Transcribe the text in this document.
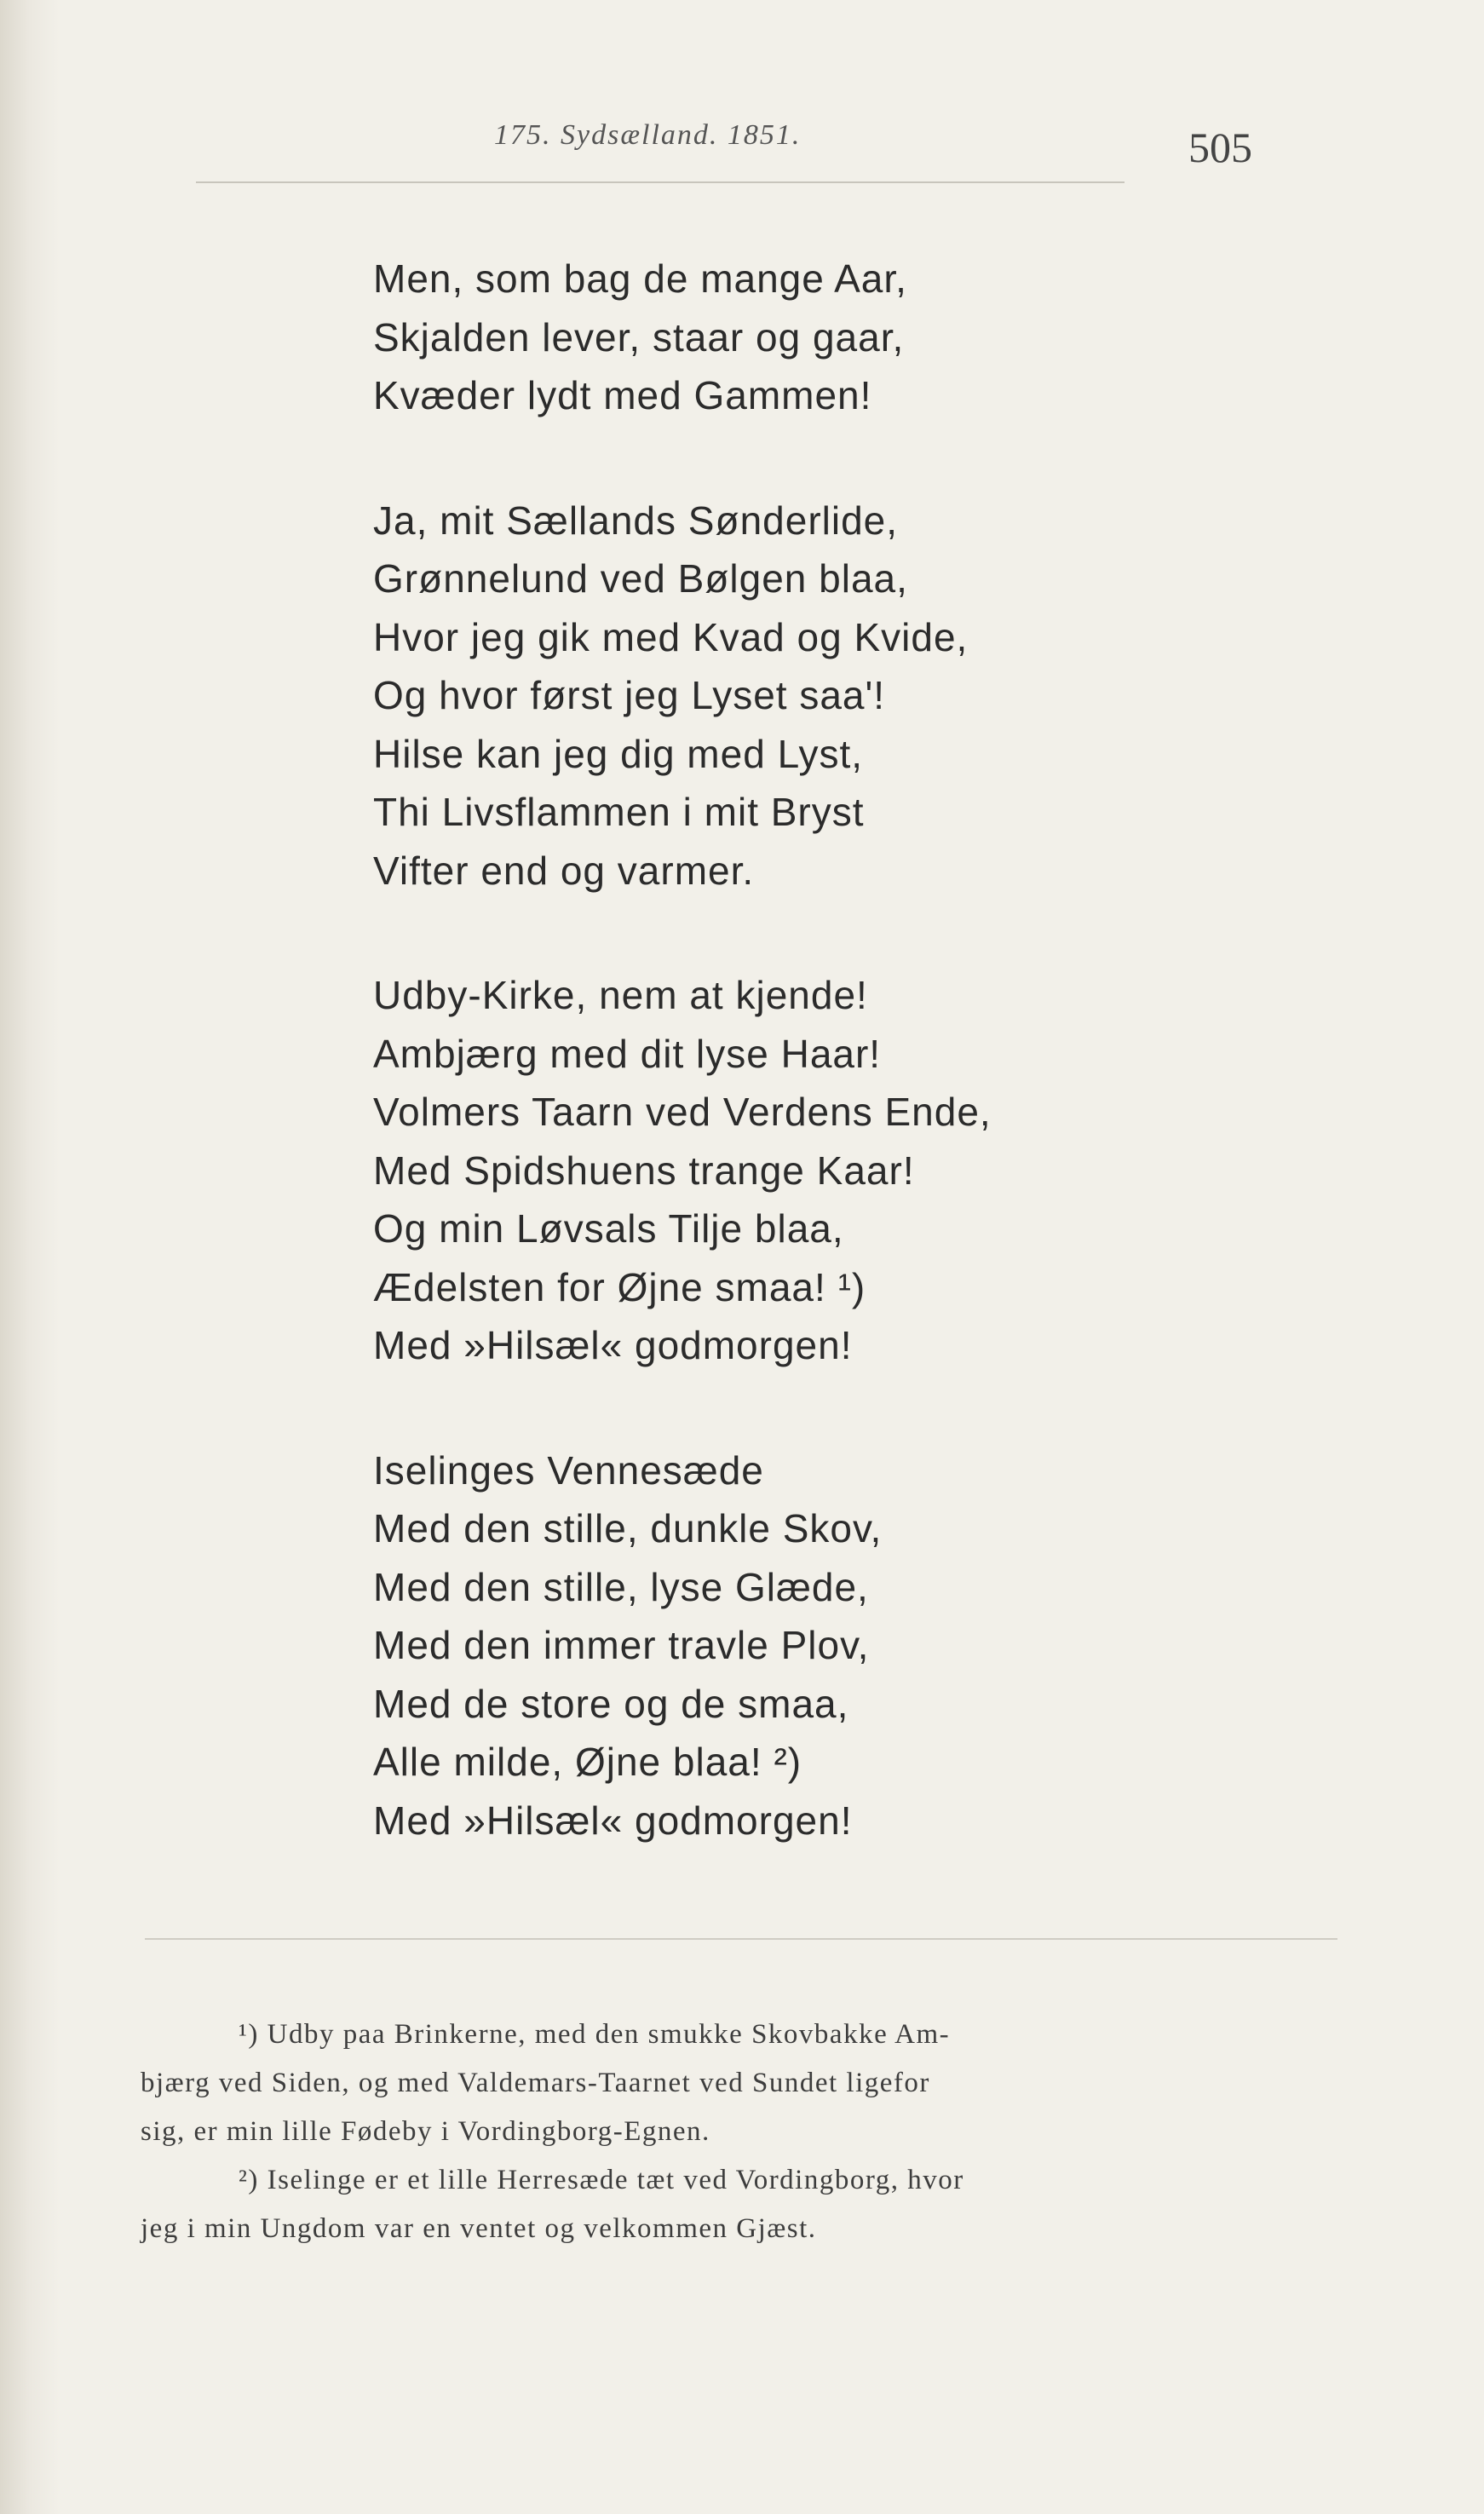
175. Sydsælland. 1851.	505
Men, som bag de mange Aar,
Skjalden lever, staar og gaar,
Kvæder lydt med Gammen!
Ja, mit Sællands Sønderlide,
Grønnelund ved Bølgen blaa,
Hvor jeg gik med Kvad og Kvide,
Og hvor først jeg Lyset saa'!
Hilse kan jeg dig med Lyst,
Thi Livsflammen i mit Bryst
Vifter end og varmer.
Udby-Kirke, nem at kjende!
Ambjærg med dit lyse Haar!
Volmers Taarn ved Verdens Ende,
Med Spidshuens trange Kaar!
Og min Løvsals Tilje blaa,
Ædelsten for Øjne smaa! ¹)
Med »Hilsæl« godmorgen!
Iselinges Vennesæde
Med den stille, dunkle Skov,
Med den stille, lyse Glæde,
Med den immer travle Plov,
Med de store og de smaa,
Alle milde, Øjne blaa! ²)
Med »Hilsæl« godmorgen!
¹) Udby paa Brinkerne, med den smukke Skovbakke Am-
bjærg ved Siden, og med Valdemars-Taarnet ved Sundet ligefor
sig, er min lille Fødeby i Vordingborg-Egnen.
²) Iselinge er et lille Herresæde tæt ved Vordingborg, hvor
jeg i min Ungdom var en ventet og velkommen Gjæst.
